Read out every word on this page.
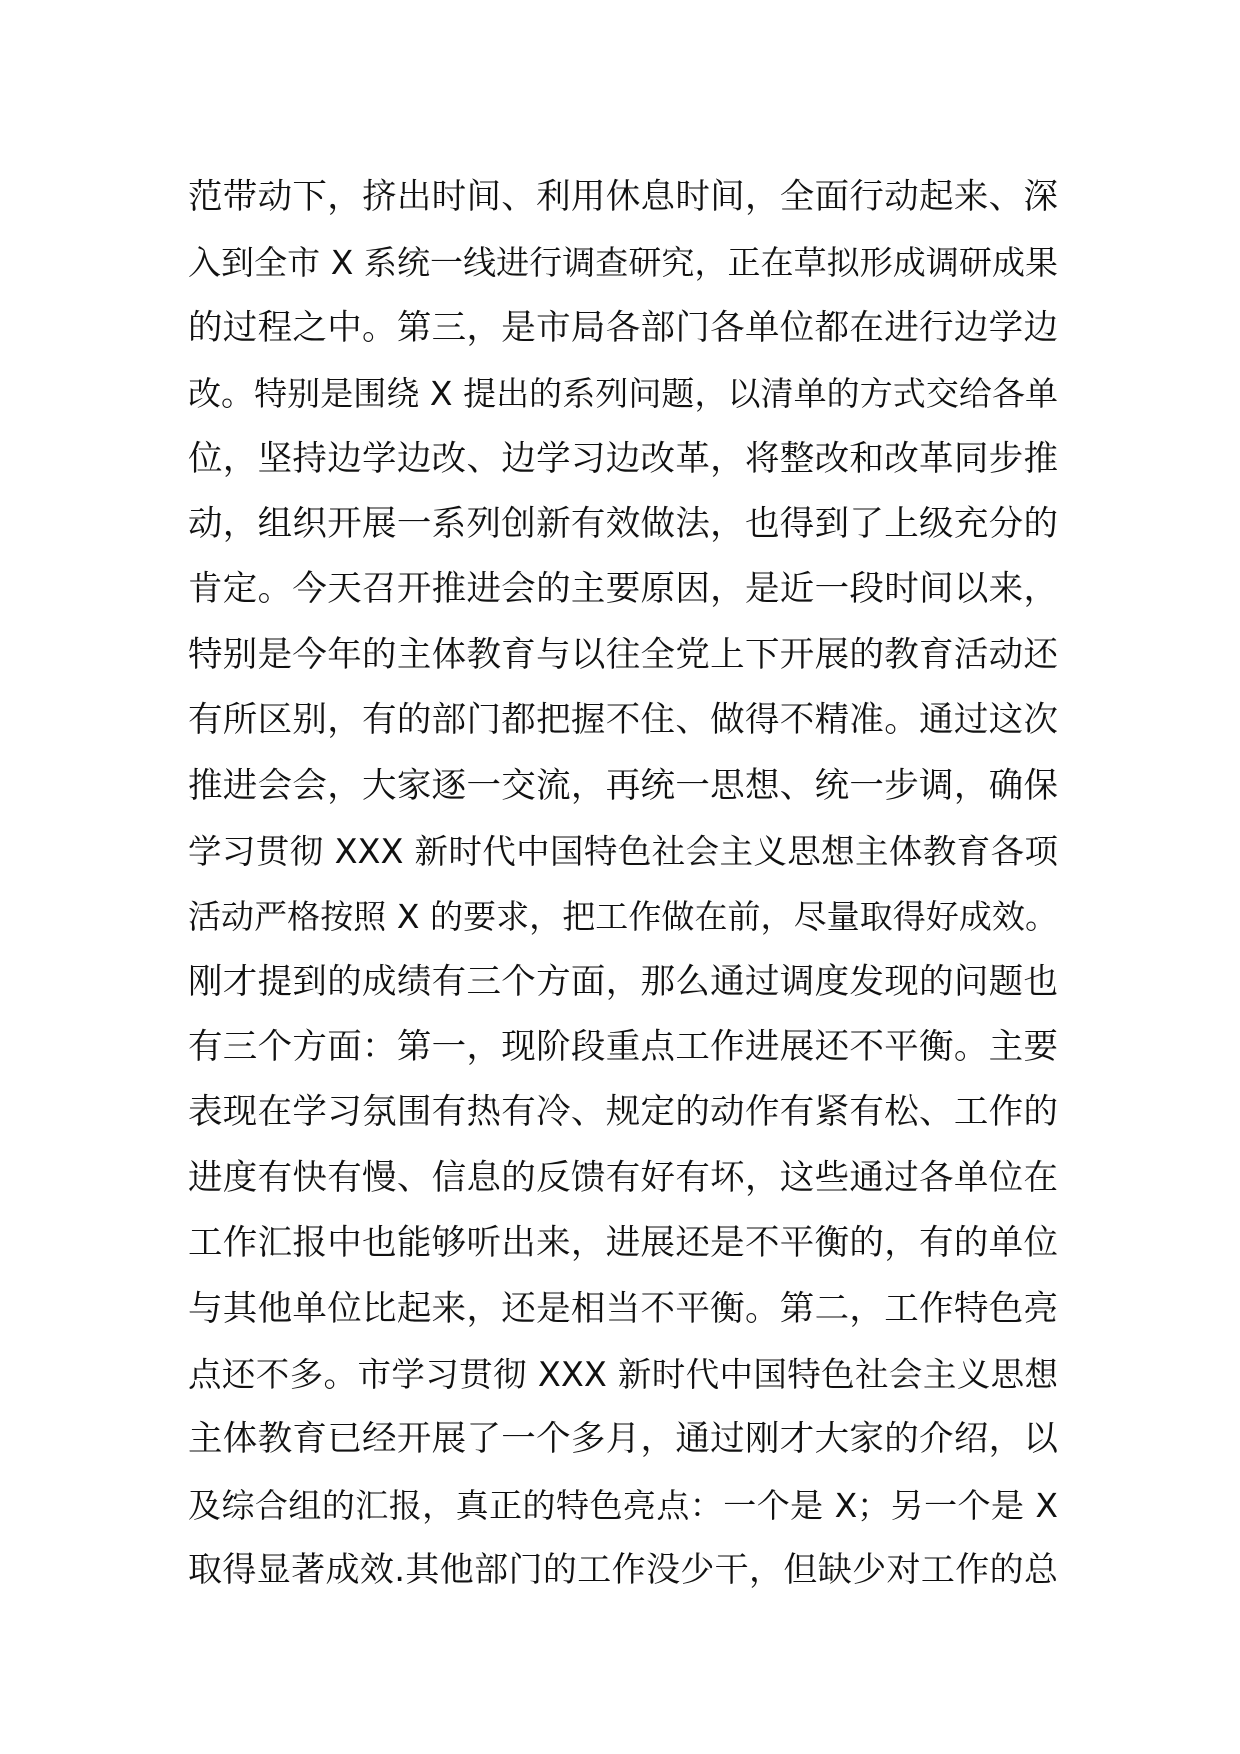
范带动下，挤出时间、利用休息时间，全面行动起来、深
入到全市 X 系统一线进行调查研究，正在草拟形成调研成果
的过程之中。第三，是市局各部门各单位都在进行边学边
改。特别是围绕 X 提出的系列问题，以清单的方式交给各单
位，坚持边学边改、边学习边改革，将整改和改革同步推
动，组织开展一系列创新有效做法，也得到了上级充分的
肯定。今天召开推进会的主要原因，是近一段时间以来，
特别是今年的主体教育与以往全党上下开展的教育活动还
有所区别，有的部门都把握不住、做得不精准。通过这次
推进会会，大家逐一交流，再统一思想、统一步调，确保
学习贯彻 XXX 新时代中国特色社会主义思想主体教育各项
活动严格按照 X 的要求，把工作做在前，尽量取得好成效。
刚才提到的成绩有三个方面，那么通过调度发现的问题也
有三个方面：第一，现阶段重点工作进展还不平衡。主要
表现在学习氛围有热有冷、规定的动作有紧有松、工作的
进度有快有慢、信息的反馈有好有坏，这些通过各单位在
工作汇报中也能够听出来，进展还是不平衡的，有的单位
与其他单位比起来，还是相当不平衡。第二，工作特色亮
点还不多。市学习贯彻 XXX 新时代中国特色社会主义思想
主体教育已经开展了一个多月，通过刚才大家的介绍，以
及综合组的汇报，真正的特色亮点：一个是 X；另一个是 X
取得显著成效.其他部门的工作没少干，但缺少对工作的总
